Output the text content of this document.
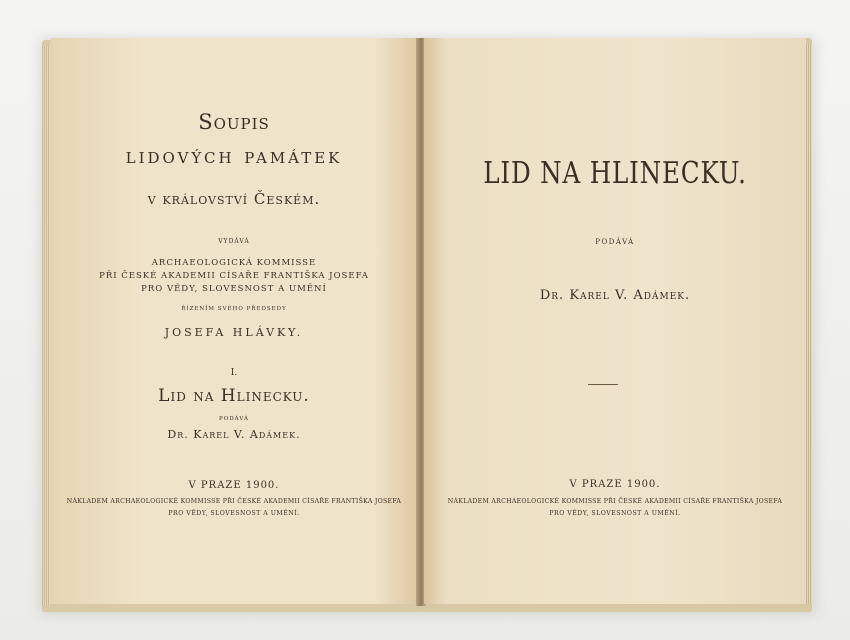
Soupis
lidových památek
v království Českém.
VYDÁVÁ
ARCHAEOLOGICKÁ KOMMISSE
PŘI ČESKÉ AKADEMII CÍSAŘE FRANTIŠKA JOSEFA
PRO VĚDY, SLOVESNOST A UMĚNÍ
ŘÍZENÍM SVÉHO PŘEDSEDY
JOSEFA HLÁVKY.
I.
Lid na Hlinecku.
PODÁVÁ
Dr. Karel V. Adámek.
V PRAZE 1900.
NÁKLADEM ARCHAEOLOGICKÉ KOMMISSE PŘI ČESKÉ AKADEMII CÍSAŘE FRANTIŠKA JOSEFA
PRO VĚDY, SLOVESNOST A UMĚNÍ.
LID NA HLINECKU.
PODÁVÁ
Dr. Karel V. Adámek.
V PRAZE 1900.
NÁKLADEM ARCHAEOLOGICKÉ KOMMISSE PŘI ČESKÉ AKADEMII CÍSAŘE FRANTIŠKA JOSEFA
PRO VĚDY, SLOVESNOST A UMĚNÍ.
